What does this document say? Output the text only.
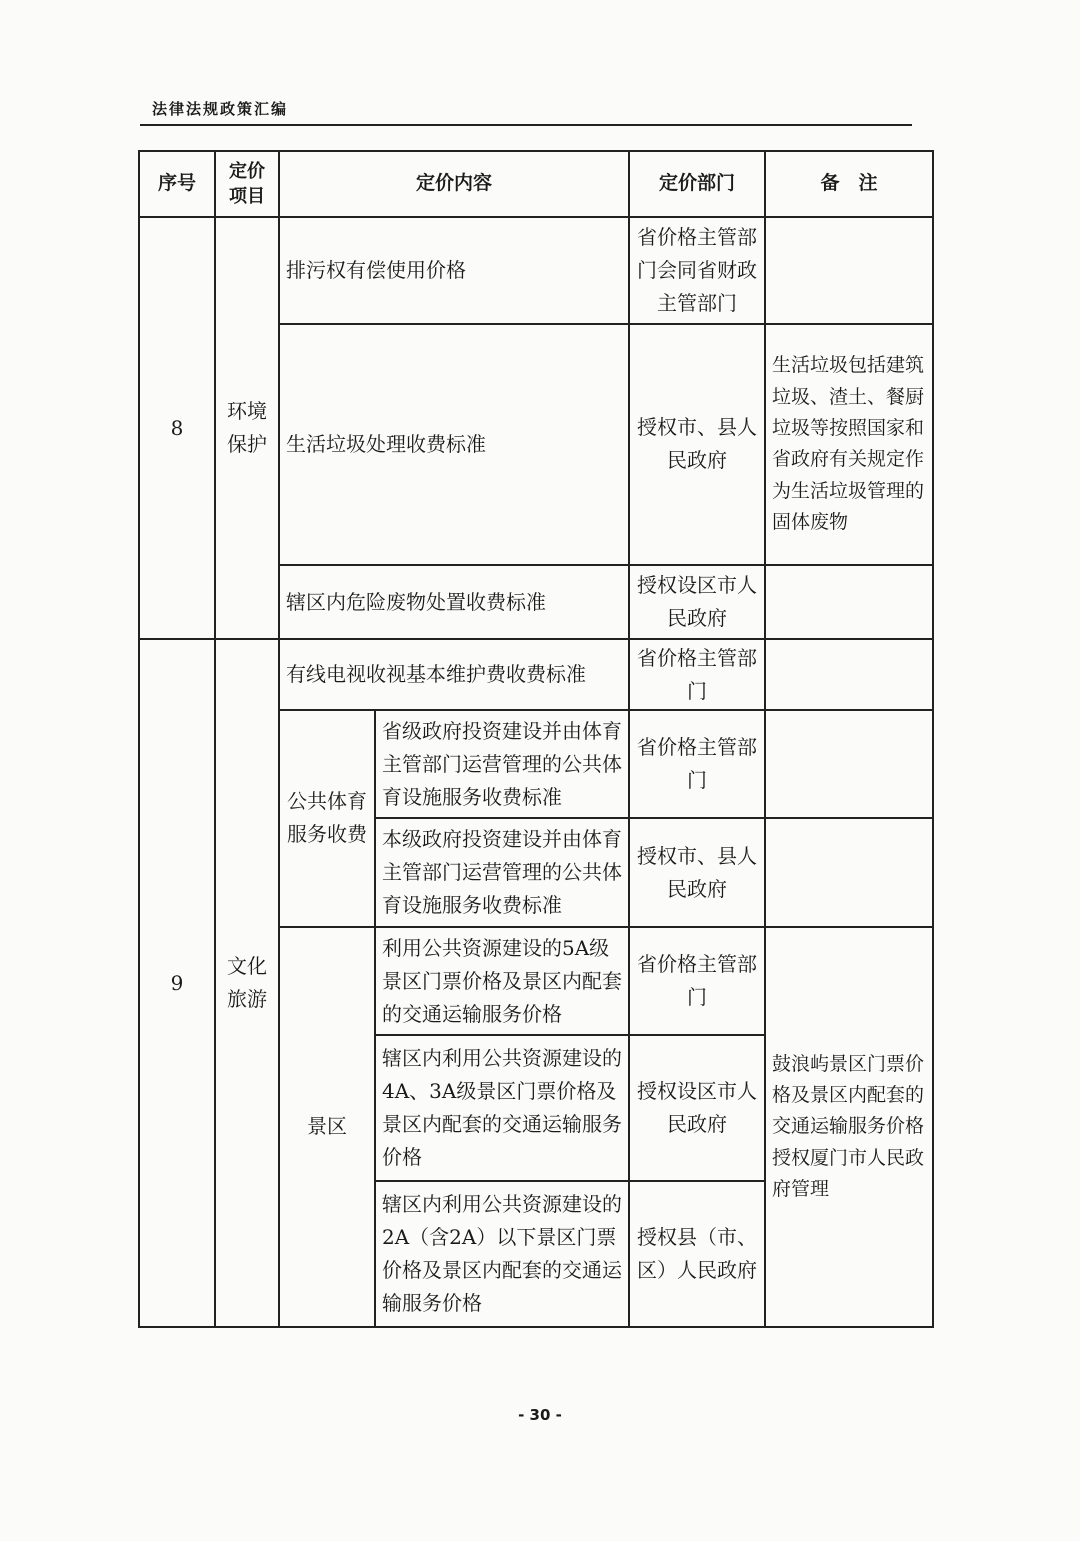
法律法规政策汇编
序号	定价项目	定价内容		定价部门	备　注
8	环境保护	排污权有偿使用价格		省价格主管部门会同省财政主管部门	
		生活垃圾处理收费标准		授权市、县人民政府	生活垃圾包括建筑垃圾、渣土、餐厨垃圾等按照国家和省政府有关规定作为生活垃圾管理的固体废物
		辖区内危险废物处置收费标准		授权设区市人民政府	
9	文化旅游	有线电视收视基本维护费收费标准		省价格主管部门	
		公共体育服务收费	省级政府投资建设并由体育主管部门运营管理的公共体育设施服务收费标准	省价格主管部门	
			本级政府投资建设并由体育主管部门运营管理的公共体育设施服务收费标准	授权市、县人民政府	
		景区	利用公共资源建设的5A级景区门票价格及景区内配套的交通运输服务价格	省价格主管部门	鼓浪屿景区门票价格及景区内配套的交通运输服务价格授权厦门市人民政府管理
			辖区内利用公共资源建设的4A、3A级景区门票价格及景区内配套的交通运输服务价格	授权设区市人民政府	
			辖区内利用公共资源建设的2A（含2A）以下景区门票价格及景区内配套的交通运输服务价格	授权县（市、区）人民政府	
- 30 -
